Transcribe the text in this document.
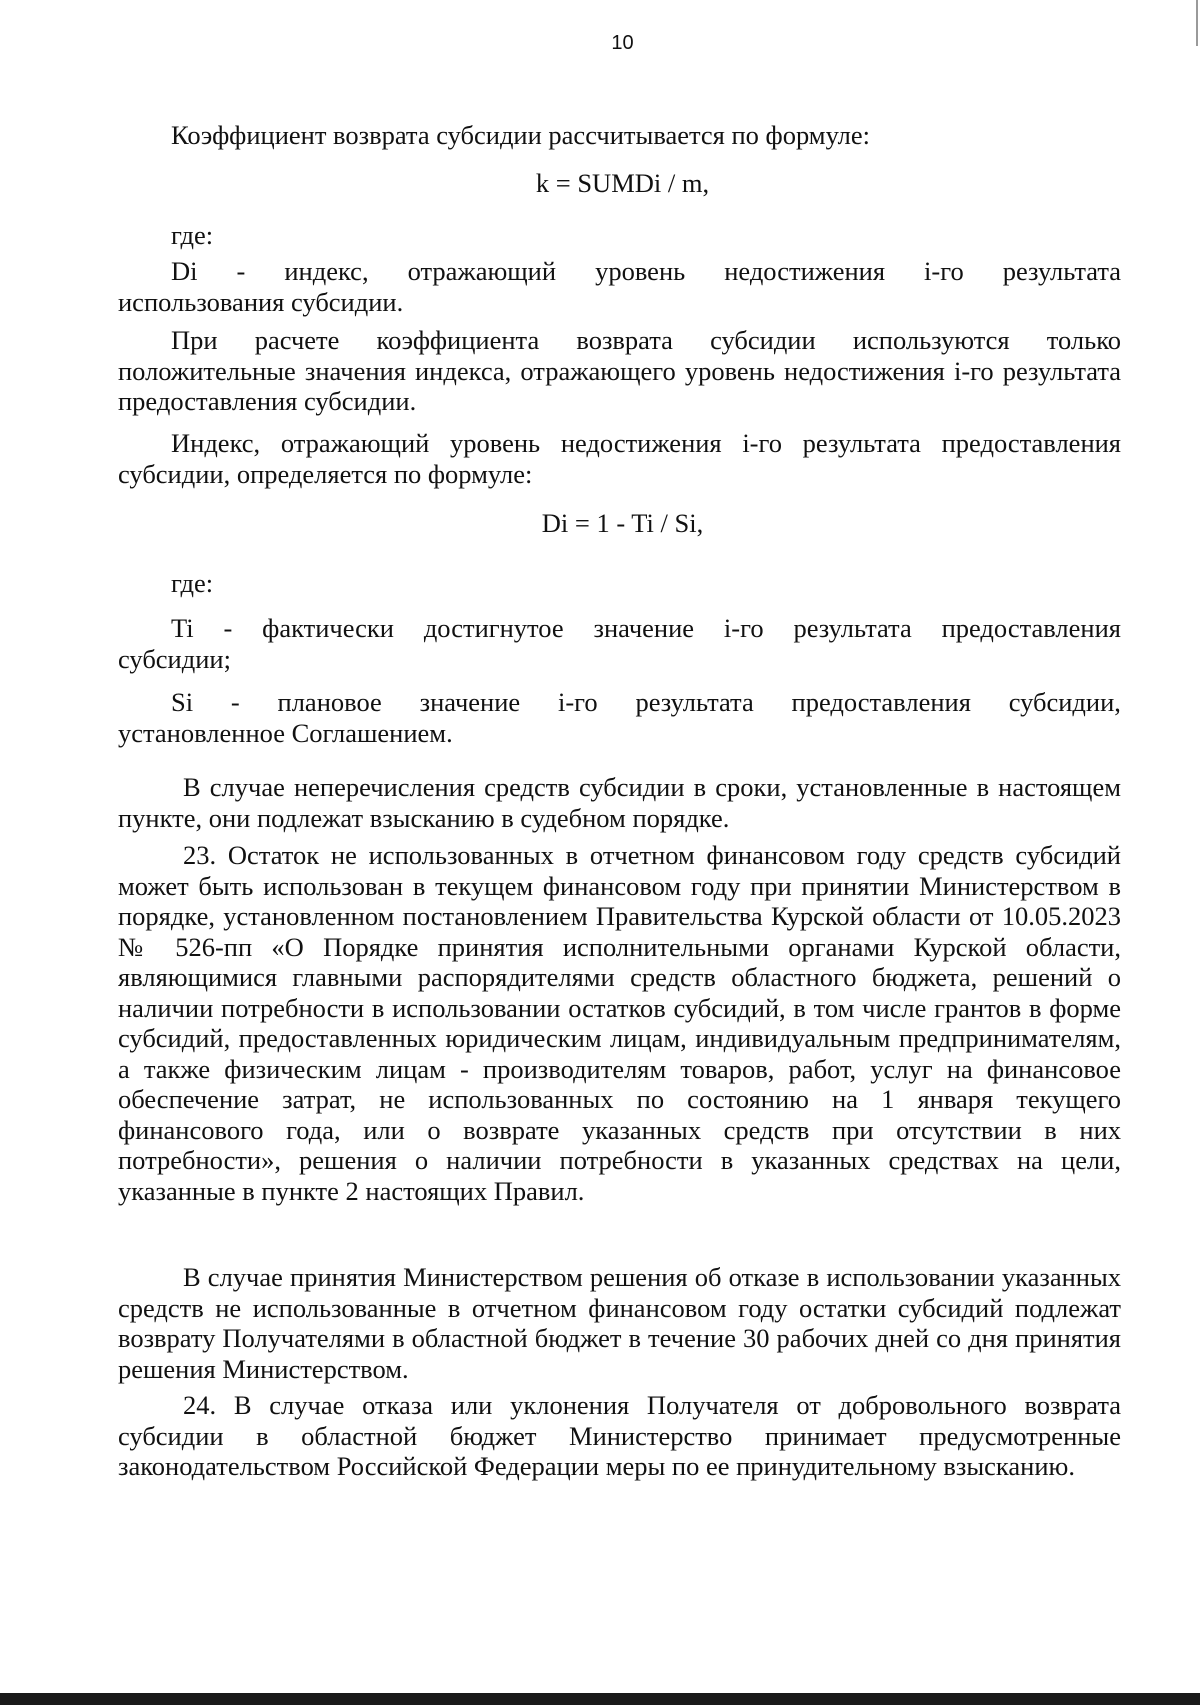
10

Коэффициент возврата субсидии рассчитывается по формуле:

k = SUMDi / m,

где:

Di - индекс, отражающий уровень недостижения i-го результата
использования субсидии.

При расчете коэффициента возврата субсидии используются только положительные значения индекса, отражающего уровень недостижения i-го результата предоставления субсидии.

Индекс, отражающий уровень недостижения i-го результата предоставления субсидии, определяется по формуле:

Di = 1 - Ti / Si,

где:

Ti - фактически достигнутое значение i-го результата предоставления
субсидии;
Si - плановое значение i-го результата предоставления субсидии,
установленное Соглашением.

В случае неперечисления средств субсидии в сроки, установленные в настоящем пункте, они подлежат взысканию в судебном порядке.

23. Остаток не использованных в отчетном финансовом году средств субсидий может быть использован в текущем финансовом году при принятии Министерством в порядке, установленном постановлением Правительства Курской области от 10.05.2023 № 526-пп «О Порядке принятия исполнительными органами Курской области, являющимися главными распорядителями средств областного бюджета, решений о наличии потребности в использовании остатков субсидий, в том числе грантов в форме субсидий, предоставленных юридическим лицам, индивидуальным предпринимателям, а также физическим лицам - производителям товаров, работ, услуг на финансовое обеспечение затрат, не использованных по состоянию на 1 января текущего финансового года, или о возврате указанных средств при отсутствии в них потребности», решения о наличии потребности в указанных средствах на цели, указанные в пункте 2 настоящих Правил.

В случае принятия Министерством решения об отказе в использовании указанных средств не использованные в отчетном финансовом году остатки субсидий подлежат возврату Получателями в областной бюджет в течение 30 рабочих дней со дня принятия решения Министерством.

24. В случае отказа или уклонения Получателя от добровольного возврата субсидии в областной бюджет Министерство принимает предусмотренные законодательством Российской Федерации меры по ее принудительному взысканию.
